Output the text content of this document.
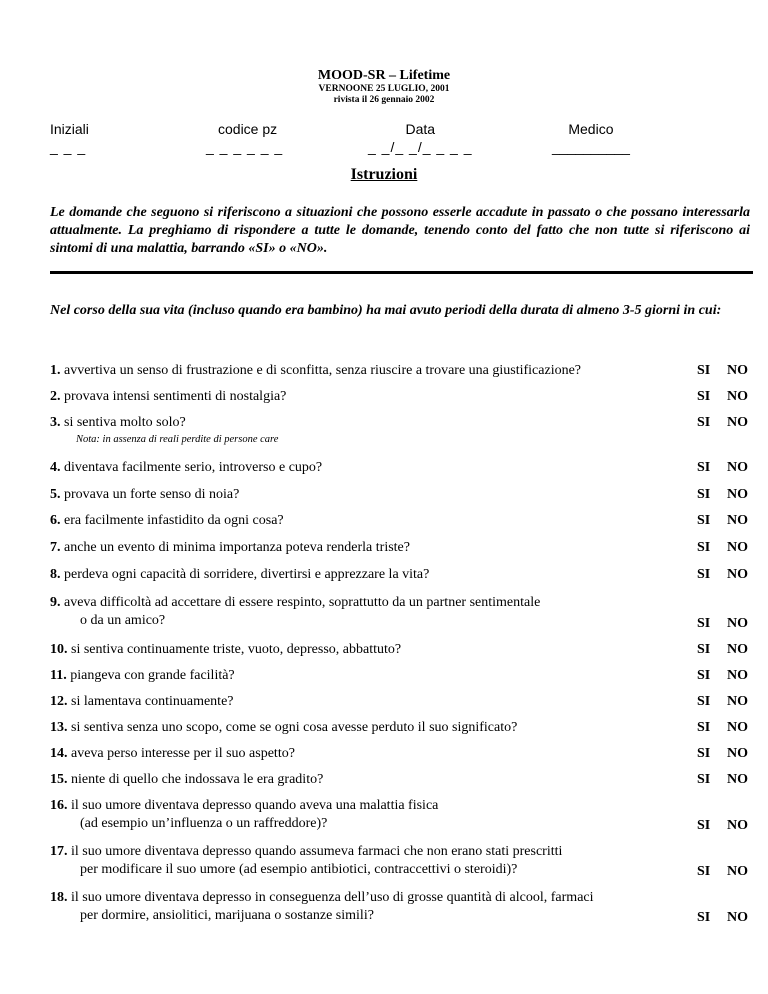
MOOD-SR – Lifetime
VERNOONE 25 LUGLIO, 2001
rivista il 26 gennaio 2002
Iniziali
_ _ _
codice pz
_ _ _ _ _ _
Data
_ _/_ _/_ _ _ _
Medico
__________
Istruzioni
Le domande che seguono si riferiscono a situazioni che possono esserle accadute in passato o che possano interessarla attualmente. La preghiamo di rispondere a tutte le domande, tenendo conto del fatto che non tutte si riferiscono ai sintomi di una malattia, barrando «SI» o «NO».
Nel corso della sua vita (incluso quando era bambino) ha mai avuto periodi della durata di almeno 3-5 giorni in cui:
1. avvertiva un senso di frustrazione e di sconfitta, senza riuscire a trovare una giustificazione?	SI NO
2. provava intensi sentimenti di nostalgia?	SI NO
3. si sentiva molto solo?	SI NO
Nota: in assenza di reali perdite di persone care
4. diventava facilmente serio, introverso e cupo?	SI NO
5. provava un forte senso di noia?	SI NO
6. era facilmente infastidito da ogni cosa?	SI NO
7. anche un evento di minima importanza poteva renderla triste?	SI NO
8. perdeva ogni capacità di sorridere, divertirsi e apprezzare la vita?	SI NO
9. aveva difficoltà ad accettare di essere respinto, soprattutto da un partner sentimentale
o da un amico?	SI NO
10. si sentiva continuamente triste, vuoto, depresso, abbattuto?	SI NO
11. piangeva con grande facilità?	SI NO
12. si lamentava continuamente?	SI NO
13. si sentiva senza uno scopo, come se ogni cosa avesse perduto il suo significato?	SI NO
14. aveva perso interesse per il suo aspetto?	SI NO
15. niente di quello che indossava le era gradito?	SI NO
16. il suo umore diventava depresso quando aveva una malattia fisica
(ad esempio un’influenza o un raffreddore)?	SI NO
17. il suo umore diventava depresso quando assumeva farmaci che non erano stati prescritti
per modificare il suo umore (ad esempio antibiotici, contraccettivi o steroidi)?	SI NO
18. il suo umore diventava depresso in conseguenza dell’uso di grosse quantità di alcool, farmaci
per dormire, ansiolitici, marijuana o sostanze simili?	SI NO
